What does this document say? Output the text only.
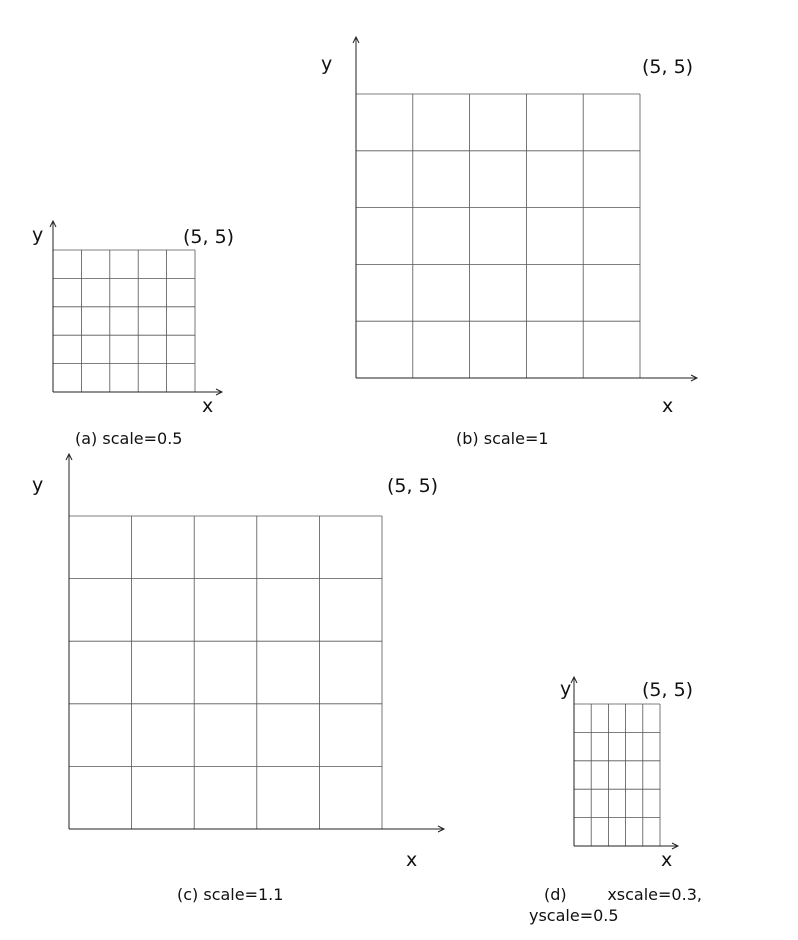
y
x
(5, 5)
(a) scale=0.5
y
x
(5, 5)
(b) scale=1
y
x
(5, 5)
(c) scale=1.1
y
x
(5, 5)
(d)        xscale=0.3,
yscale=0.5
